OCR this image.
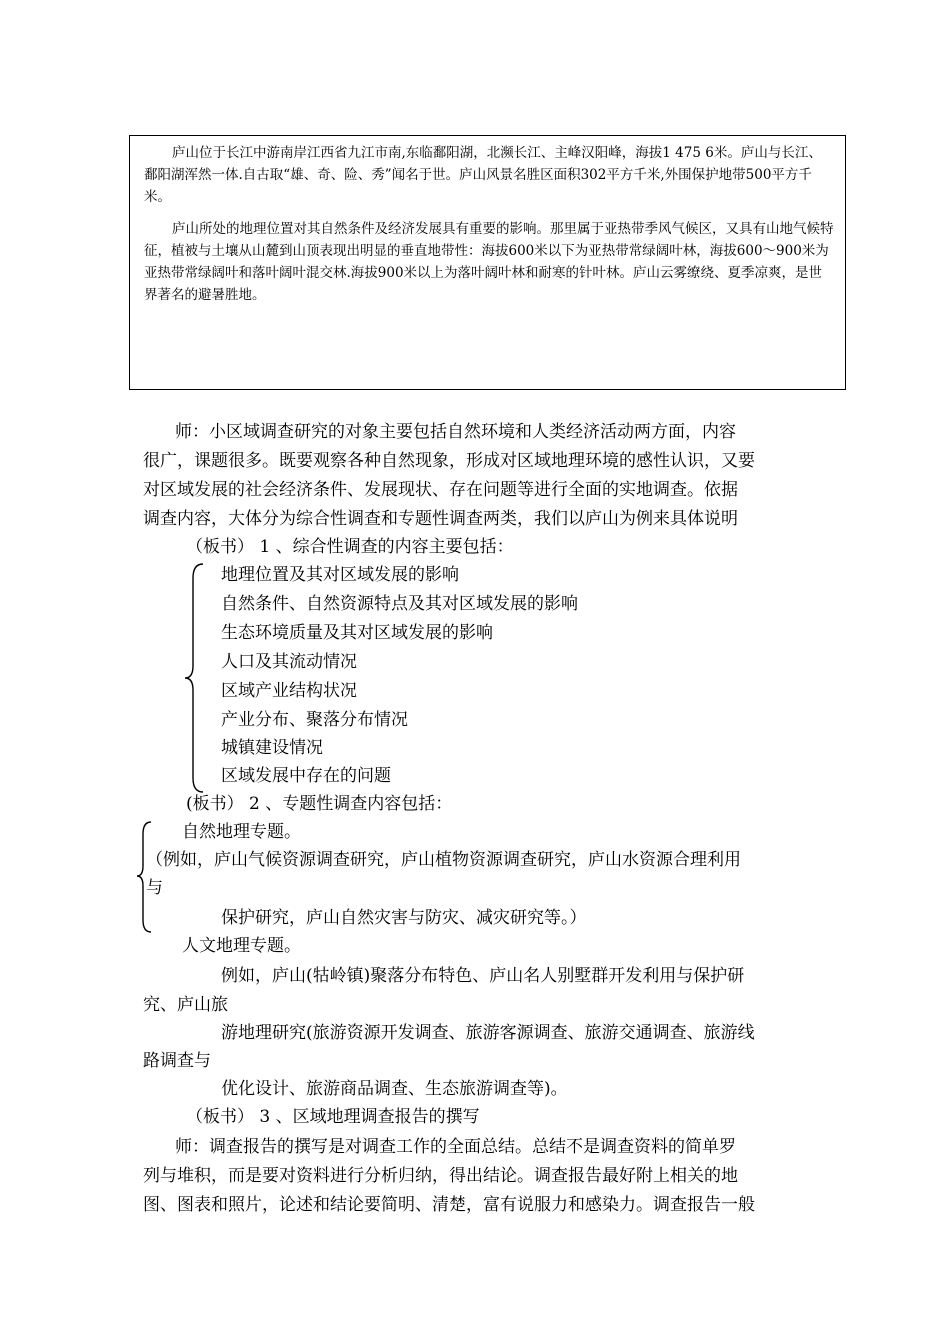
庐山位于长江中游南岸江西省九江市南,东临鄱阳湖，北濒长江、主峰汉阳峰，海拔1 475 6米。庐山与长江、鄱阳湖浑然一体.自古取“雄、奇、险、秀”闻名于世。庐山风景名胜区面积302平方千米,外围保护地带500平方千米。

庐山所处的地理位置对其自然条件及经济发展具有重要的影响。那里属于亚热带季风气候区，又具有山地气候特征，植被与土壤从山麓到山顶表现出明显的垂直地带性：海拔600米以下为亚热带常绿阔叶林，海拔600～900米为亚热带常绿阔叶和落叶阔叶混交林.海拔900米以上为落叶阔叶林和耐寒的针叶林。庐山云雾缭绕、夏季凉爽，是世界著名的避暑胜地。

师：小区域调查研究的对象主要包括自然环境和人类经济活动两方面，内容

很广，课题很多。既要观察各种自然现象，形成对区域地理环境的感性认识，又要

对区域发展的社会经济条件、发展现状、存在问题等进行全面的实地调查。依据

调查内容，大体分为综合性调查和专题性调查两类，我们以庐山为例来具体说明

（板书） 1 、综合性调查的内容主要包括：

地理位置及其对区域发展的影响

自然条件、自然资源特点及其对区域发展的影响

生态环境质量及其对区域发展的影响

人口及其流动情况

区域产业结构状况

产业分布、聚落分布情况

城镇建设情况

区域发展中存在的问题

(板书） 2 、专题性调查内容包括：

自然地理专题。

（例如，庐山气候资源调查研究，庐山植物资源调查研究，庐山水资源合理利用

与

保护研究，庐山自然灾害与防灾、减灾研究等。）

人文地理专题。

例如，庐山(牯岭镇)聚落分布特色、庐山名人别墅群开发利用与保护研

究、庐山旅

游地理研究(旅游资源开发调查、旅游客源调查、旅游交通调查、旅游线

路调查与

优化设计、旅游商品调查、生态旅游调查等)。

（板书） 3 、区域地理调查报告的撰写

师：调查报告的撰写是对调查工作的全面总结。总结不是调查资料的简单罗

列与堆积，而是要对资料进行分析归纳，得出结论。调查报告最好附上相关的地

图、图表和照片，论述和结论要简明、清楚，富有说服力和感染力。调查报告一般
